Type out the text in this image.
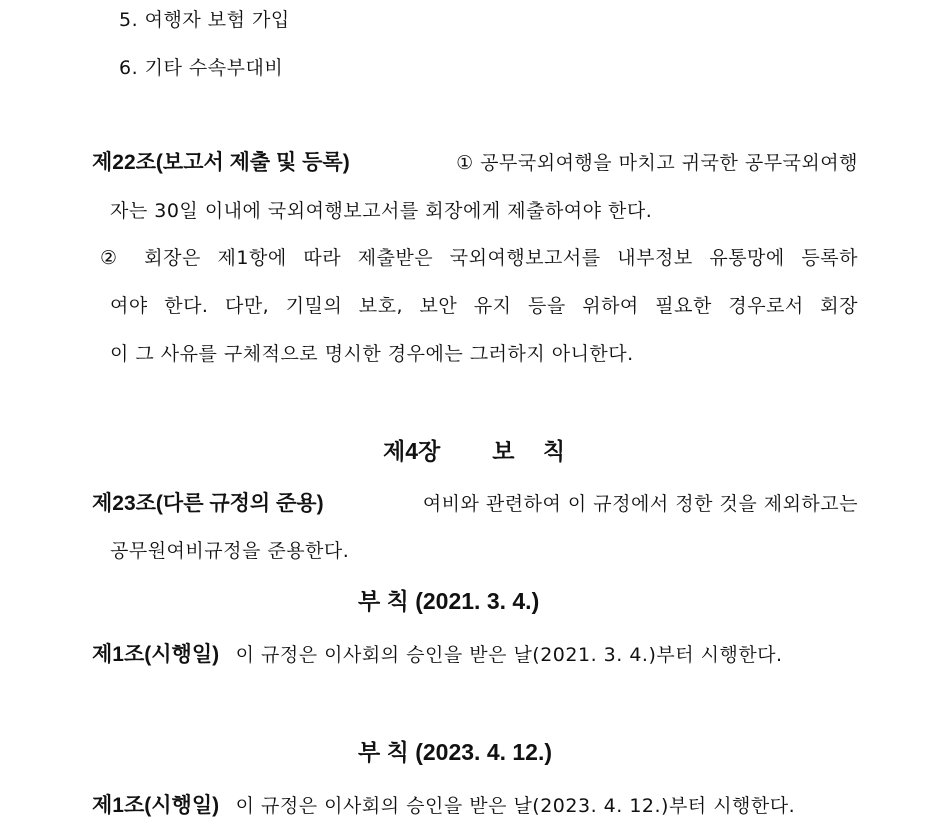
5. 여행자 보험 가입
6. 기타 수속부대비
제22조(보고서 제출 및 등록)	① 공무국외여행을 마치고 귀국한 공무국외여행
자는 30일 이내에 국외여행보고서를 회장에게 제출하여야 한다.
② 회장은 제1항에 따라 제출받은 국외여행보고서를 내부정보 유통망에 등록하
여야 한다. 다만, 기밀의 보호, 보안 유지 등을 위하여 필요한 경우로서 회장
이 그 사유를 구체적으로 명시한 경우에는 그러하지 아니한다.
제4장 보 칙
제23조(다른 규정의 준용)	여비와 관련하여 이 규정에서 정한 것을 제외하고는
공무원여비규정을 준용한다.
부 칙 (2021. 3. 4.)
제1조(시행일) 이 규정은 이사회의 승인을 받은 날(2021. 3. 4.)부터 시행한다.
부 칙 (2023. 4. 12.)
제1조(시행일) 이 규정은 이사회의 승인을 받은 날(2023. 4. 12.)부터 시행한다.
